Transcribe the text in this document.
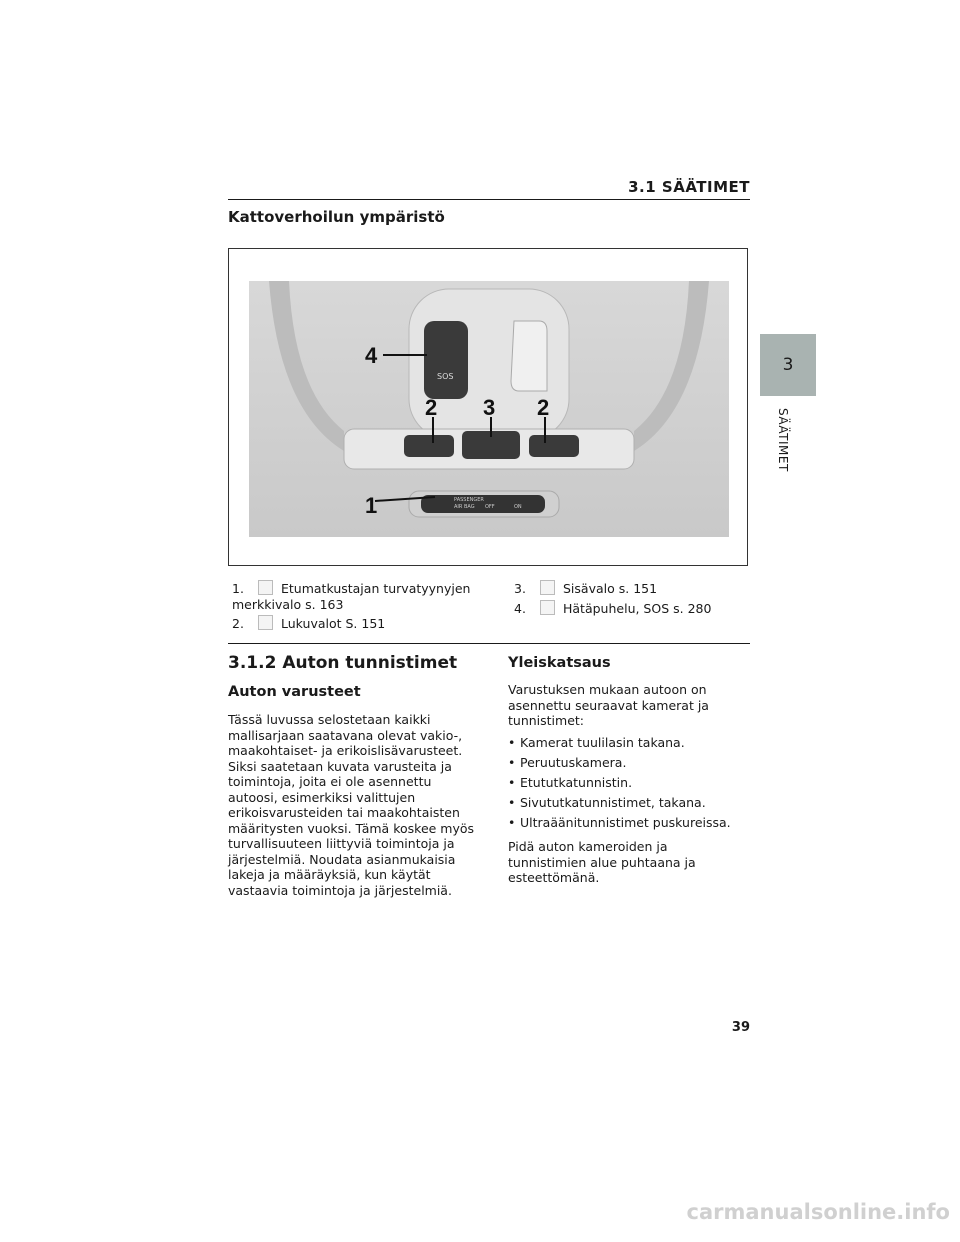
3.1 SÄÄTIMET
3
SÄÄTIMET
Kattoverhoilun ympäristö
SOS
PASSENGER
AIR BAG OFF	ON
4
2 3 2
1
1.	Etumatkustajan turvatyynyjen merkkivalo s. 163
2.	Lukuvalot S. 151
3.	Sisävalo s. 151
4.	Hätäpuhelu, SOS s. 280
3.1.2 Auton tunnistimet
Auton varusteet
Tässä luvussa selostetaan kaikki mallisarjaan saatavana olevat vakio-, maakohtaiset- ja erikoislisävarusteet. Siksi saatetaan kuvata varusteita ja toimintoja, joita ei ole asennettu autoosi, esimerkiksi valittujen erikoisvarusteiden tai maakohtaisten määritysten vuoksi. Tämä koskee myös turvallisuuteen liittyviä toimintoja ja järjestelmiä. Noudata asianmukaisia lakeja ja määräyksiä, kun käytät vastaavia toimintoja ja järjestelmiä.
Yleiskatsaus
Varustuksen mukaan autoon on asennettu seuraavat kamerat ja tunnistimet:
• Kamerat tuulilasin takana.
• Peruutuskamera.
• Etututkatunnistin.
• Sivututkatunnistimet, takana.
• Ultraäänitunnistimet puskureissa.
Pidä auton kameroiden ja tunnistimien alue puhtaana ja esteettömänä.
39
carmanualsonline.info
